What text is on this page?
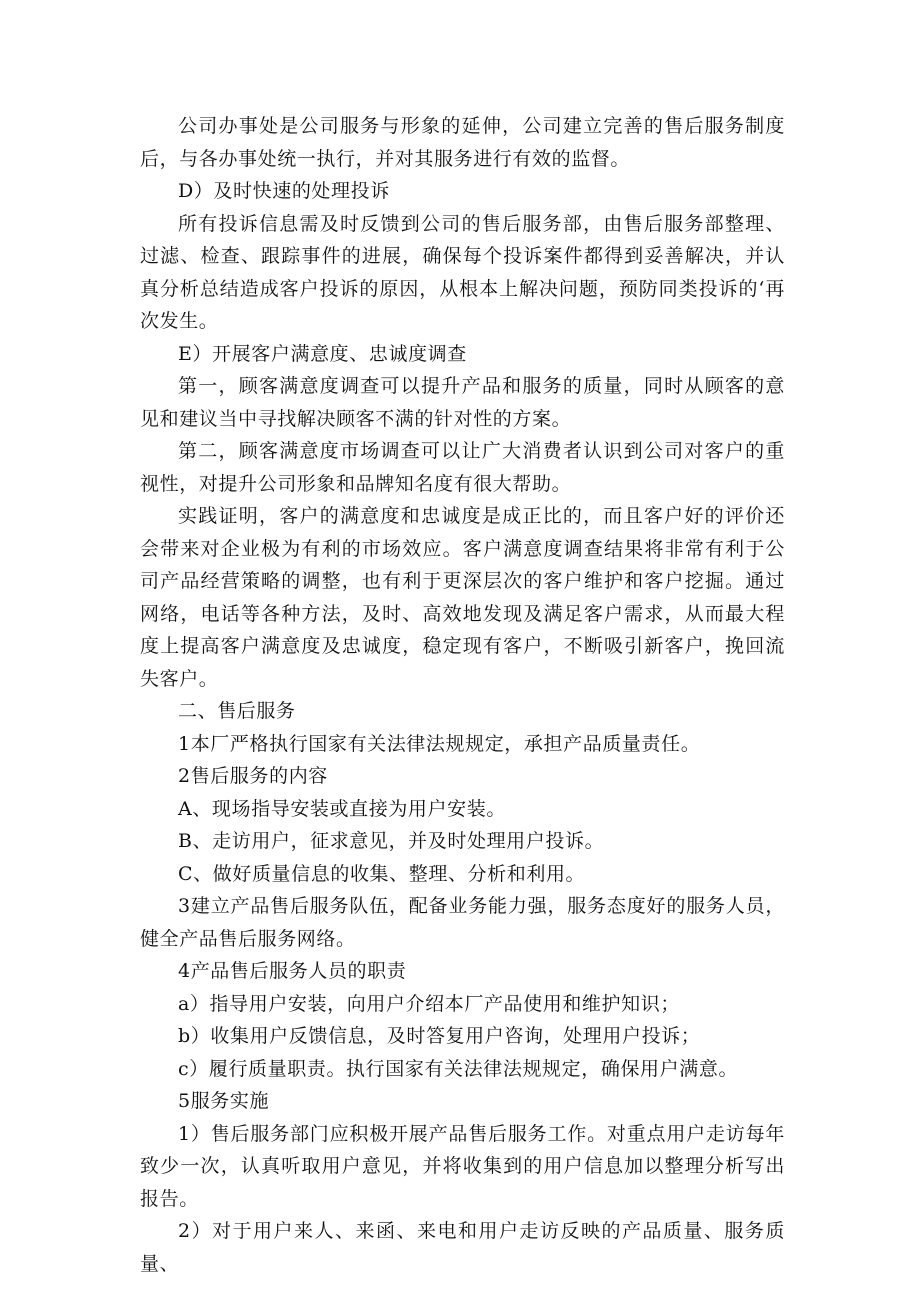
公司办事处是公司服务与形象的延伸，公司建立完善的售后服务制度后，与各办事处统一执行，并对其服务进行有效的监督。

D）及时快速的处理投诉

所有投诉信息需及时反馈到公司的售后服务部，由售后服务部整理、过滤、检查、跟踪事件的进展，确保每个投诉案件都得到妥善解决，并认真分析总结造成客户投诉的原因，从根本上解决问题，预防同类投诉的‘再次发生。

E）开展客户满意度、忠诚度调查

第一，顾客满意度调查可以提升产品和服务的质量，同时从顾客的意见和建议当中寻找解决顾客不满的针对性的方案。

第二，顾客满意度市场调查可以让广大消费者认识到公司对客户的重视性，对提升公司形象和品牌知名度有很大帮助。

实践证明，客户的满意度和忠诚度是成正比的，而且客户好的评价还会带来对企业极为有利的市场效应。客户满意度调查结果将非常有利于公司产品经营策略的调整，也有利于更深层次的客户维护和客户挖掘。通过网络，电话等各种方法，及时、高效地发现及满足客户需求，从而最大程度上提高客户满意度及忠诚度，稳定现有客户，不断吸引新客户，挽回流失客户。

二、售后服务

1本厂严格执行国家有关法律法规规定，承担产品质量责任。

2售后服务的内容

A、现场指导安装或直接为用户安装。

B、走访用户，征求意见，并及时处理用户投诉。

C、做好质量信息的收集、整理、分析和利用。

3建立产品售后服务队伍，配备业务能力强，服务态度好的服务人员，健全产品售后服务网络。

4产品售后服务人员的职责

a）指导用户安装，向用户介绍本厂产品使用和维护知识；

b）收集用户反馈信息，及时答复用户咨询，处理用户投诉；

c）履行质量职责。执行国家有关法律法规规定，确保用户满意。

5服务实施

1）售后服务部门应积极开展产品售后服务工作。对重点用户走访每年致少一次，认真听取用户意见，并将收集到的用户信息加以整理分析写出报告。

2）对于用户来人、来函、来电和用户走访反映的产品质量、服务质量、
